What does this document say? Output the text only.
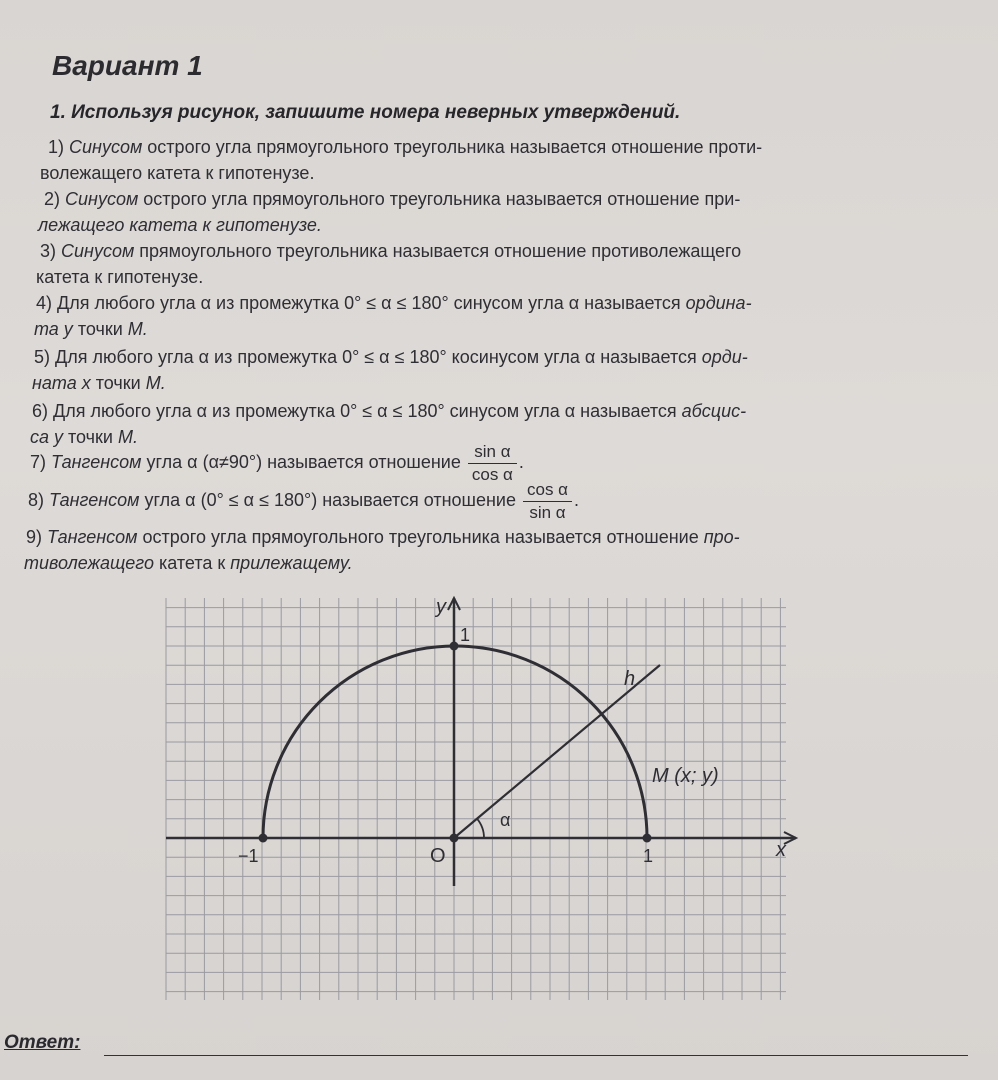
Вариант 1
1. Используя рисунок, запишите номера неверных утверждений.
1) Синусом острого угла прямоугольного треугольника называется отношение проти-
волежащего катета к гипотенузе.
2) Синусом острого угла прямоугольного треугольника называется отношение при-
лежащего катета к гипотенузе.
3) Синусом прямоугольного треугольника называется отношение противолежащего
катета к гипотенузе.
4) Для любого угла α из промежутка 0° ≤ α ≤ 180° синусом угла α называется ордина-
та у точки M.
5) Для любого угла α из промежутка 0° ≤ α ≤ 180° косинусом угла α называется орди-
ната x точки M.
6) Для любого угла α из промежутка 0° ≤ α ≤ 180° синусом угла α называется абсцис-
са у точки M.
7) Тангенсом угла α (α≠90°) называется отношение $\frac{\text{sin α}}{\text{cos α}}$ .
8) Тангенсом угла α (0° ≤ α ≤ 180°) называется отношение $\frac{\text{cos α}}{\text{sin α}}$ .
9) Тангенсом острого угла прямоугольного треугольника называется отношение про-
тиволежащего катета к прилежащему.
y
x
1
1
−1	O
h
M (x; y)
α
Ответ:
